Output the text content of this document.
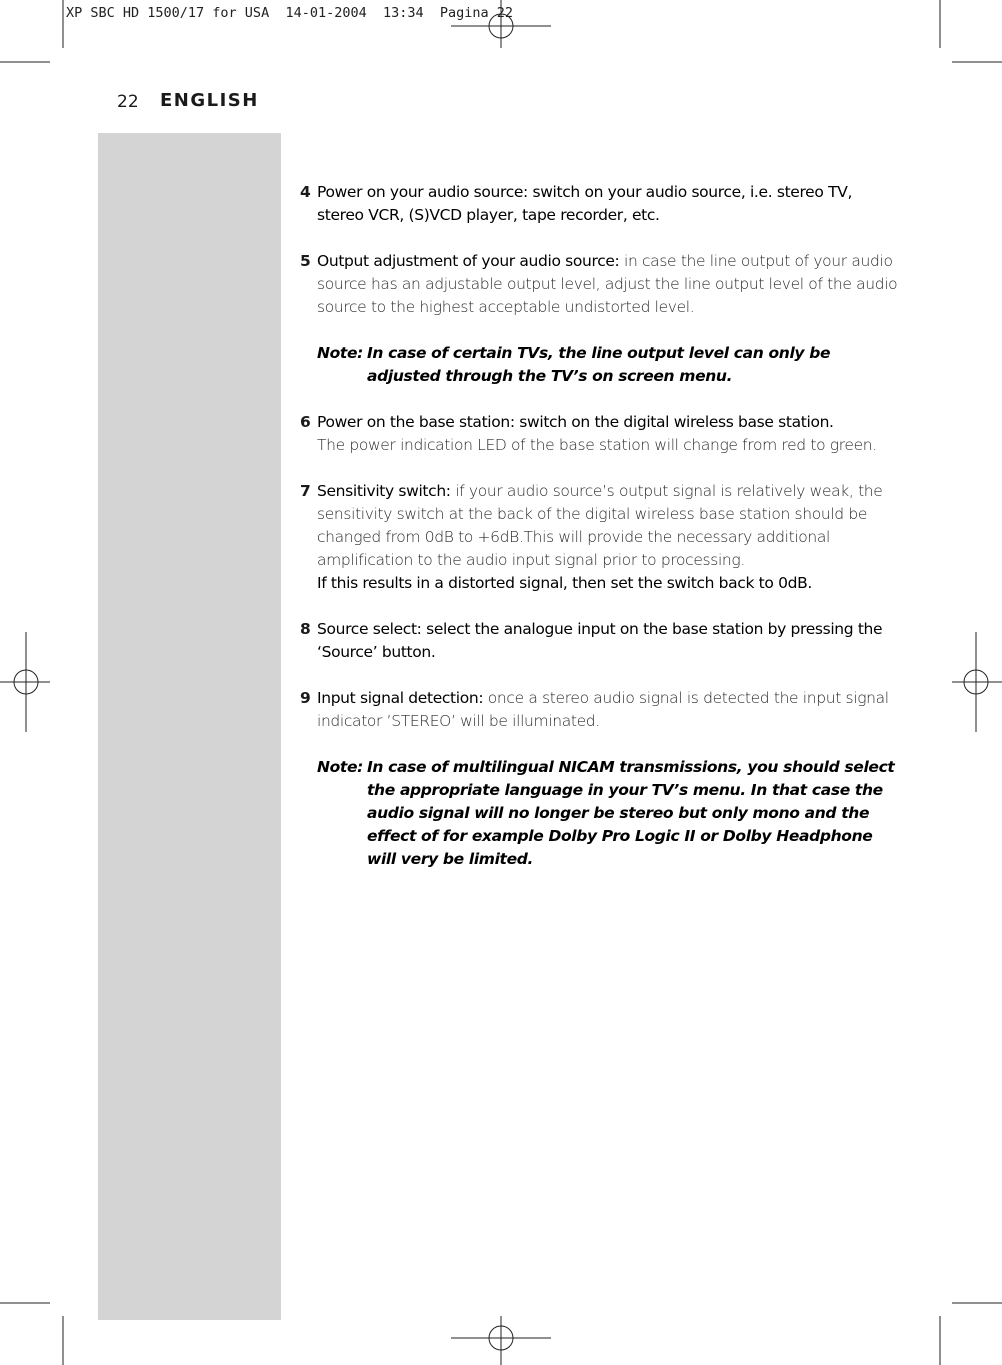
XP SBC HD 1500/17 for USA  14-01-2004  13:34  Pagina 22
22 ENGLISH
4 Power on your audio source: switch on your audio source, i.e. stereo TV, stereo VCR, (S)VCD player, tape recorder, etc.
5 Output adjustment of your audio source: in case the line output of your audio source has an adjustable output level, adjust the line output level of the audio source to the highest acceptable undistorted level.
Note: In case of certain TVs, the line output level can only be adjusted through the TV’s on screen menu.
6 Power on the base station: switch on the digital wireless base station.
The power indication LED of the base station will change from red to green.
7 Sensitivity switch: if your audio source’s output signal is relatively weak, the sensitivity switch at the back of the digital wireless base station should be changed from 0dB to +6dB.This will provide the necessary additional amplification to the audio input signal prior to processing.
If this results in a distorted signal, then set the switch back to 0dB.
8 Source select: select the analogue input on the base station by pressing the ‘Source’ button.
9 Input signal detection: once a stereo audio signal is detected the input signal indicator ’STEREO’ will be illuminated.
Note: In case of multilingual NICAM transmissions, you should select the appropriate language in your TV’s menu. In that case the audio signal will no longer be stereo but only mono and the effect of for example Dolby Pro Logic II or Dolby Headphone will very be limited.
